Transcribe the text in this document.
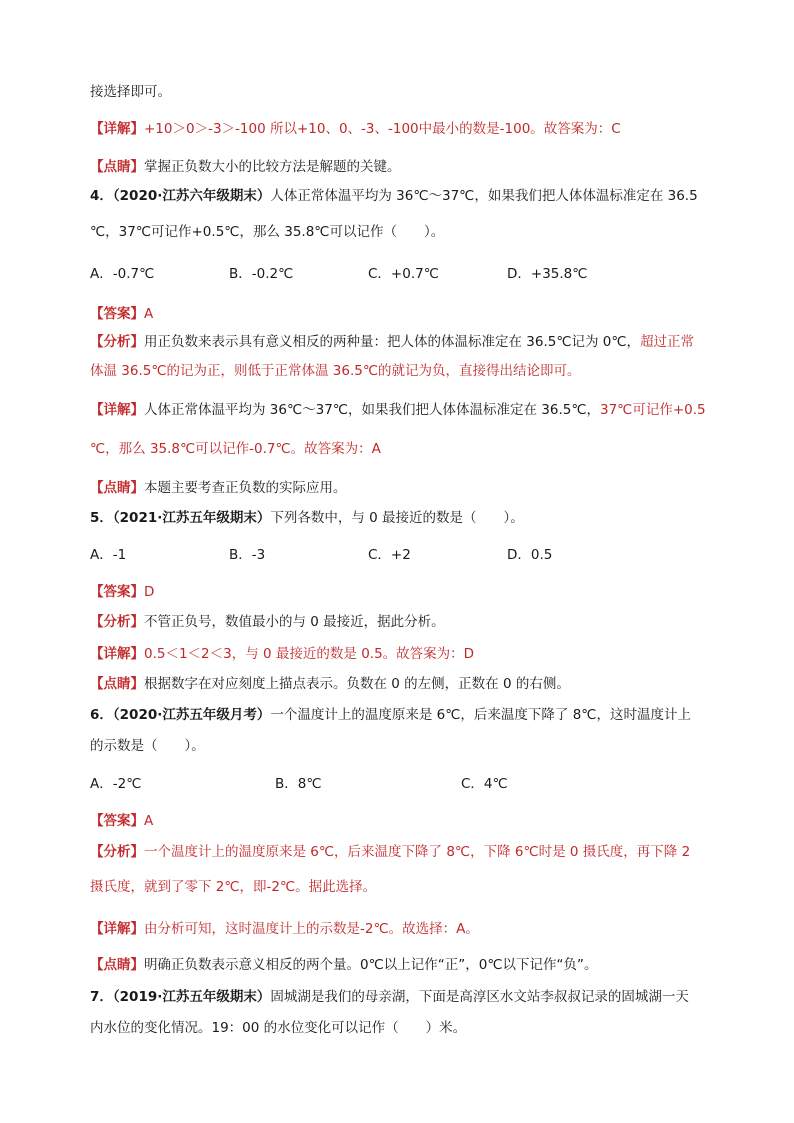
接选择即可。
【详解】+10＞0＞-3＞-100 所以+10、0、-3、-100中最小的数是-100。故答案为：C
【点睛】掌握正负数大小的比较方法是解题的关键。
4．（2020·江苏六年级期末）人体正常体温平均为 36℃～37℃，如果我们把人体体温标准定在 36.5
℃，37℃可记作+0.5℃，那么 35.8℃可以记作（　　）。
A．-0.7℃	B．-0.2℃	C．+0.7℃	D．+35.8℃
【答案】A
【分析】用正负数来表示具有意义相反的两种量：把人体的体温标准定在 36.5℃记为 0℃，超过正常
体温 36.5℃的记为正，则低于正常体温 36.5℃的就记为负，直接得出结论即可。
【详解】人体正常体温平均为 36℃～37℃，如果我们把人体体温标准定在 36.5℃，37℃可记作+0.5
℃，那么 35.8℃可以记作-0.7℃。故答案为：A
【点睛】本题主要考查正负数的实际应用。
5．（2021·江苏五年级期末）下列各数中，与 0 最接近的数是（　　）。
A．-1	B．-3	C．+2	D．0.5
【答案】D
【分析】不管正负号，数值最小的与 0 最接近，据此分析。
【详解】0.5＜1＜2＜3，与 0 最接近的数是 0.5。故答案为：D
【点睛】根据数字在对应刻度上描点表示。负数在 0 的左侧，正数在 0 的右侧。
6．（2020·江苏五年级月考）一个温度计上的温度原来是 6℃，后来温度下降了 8℃，这时温度计上
的示数是（　　）。
A．-2℃	B．8℃	C．4℃
【答案】A
【分析】一个温度计上的温度原来是 6℃，后来温度下降了 8℃，下降 6℃时是 0 摄氏度，再下降 2
摄氏度，就到了零下 2℃，即-2℃。据此选择。
【详解】由分析可知，这时温度计上的示数是-2℃。故选择：A。
【点睛】明确正负数表示意义相反的两个量。0℃以上记作“正”，0℃以下记作“负”。
7．（2019·江苏五年级期末）固城湖是我们的母亲湖，下面是高淳区水文站李叔叔记录的固城湖一天
内水位的变化情况。19：00 的水位变化可以记作（　　）米。
